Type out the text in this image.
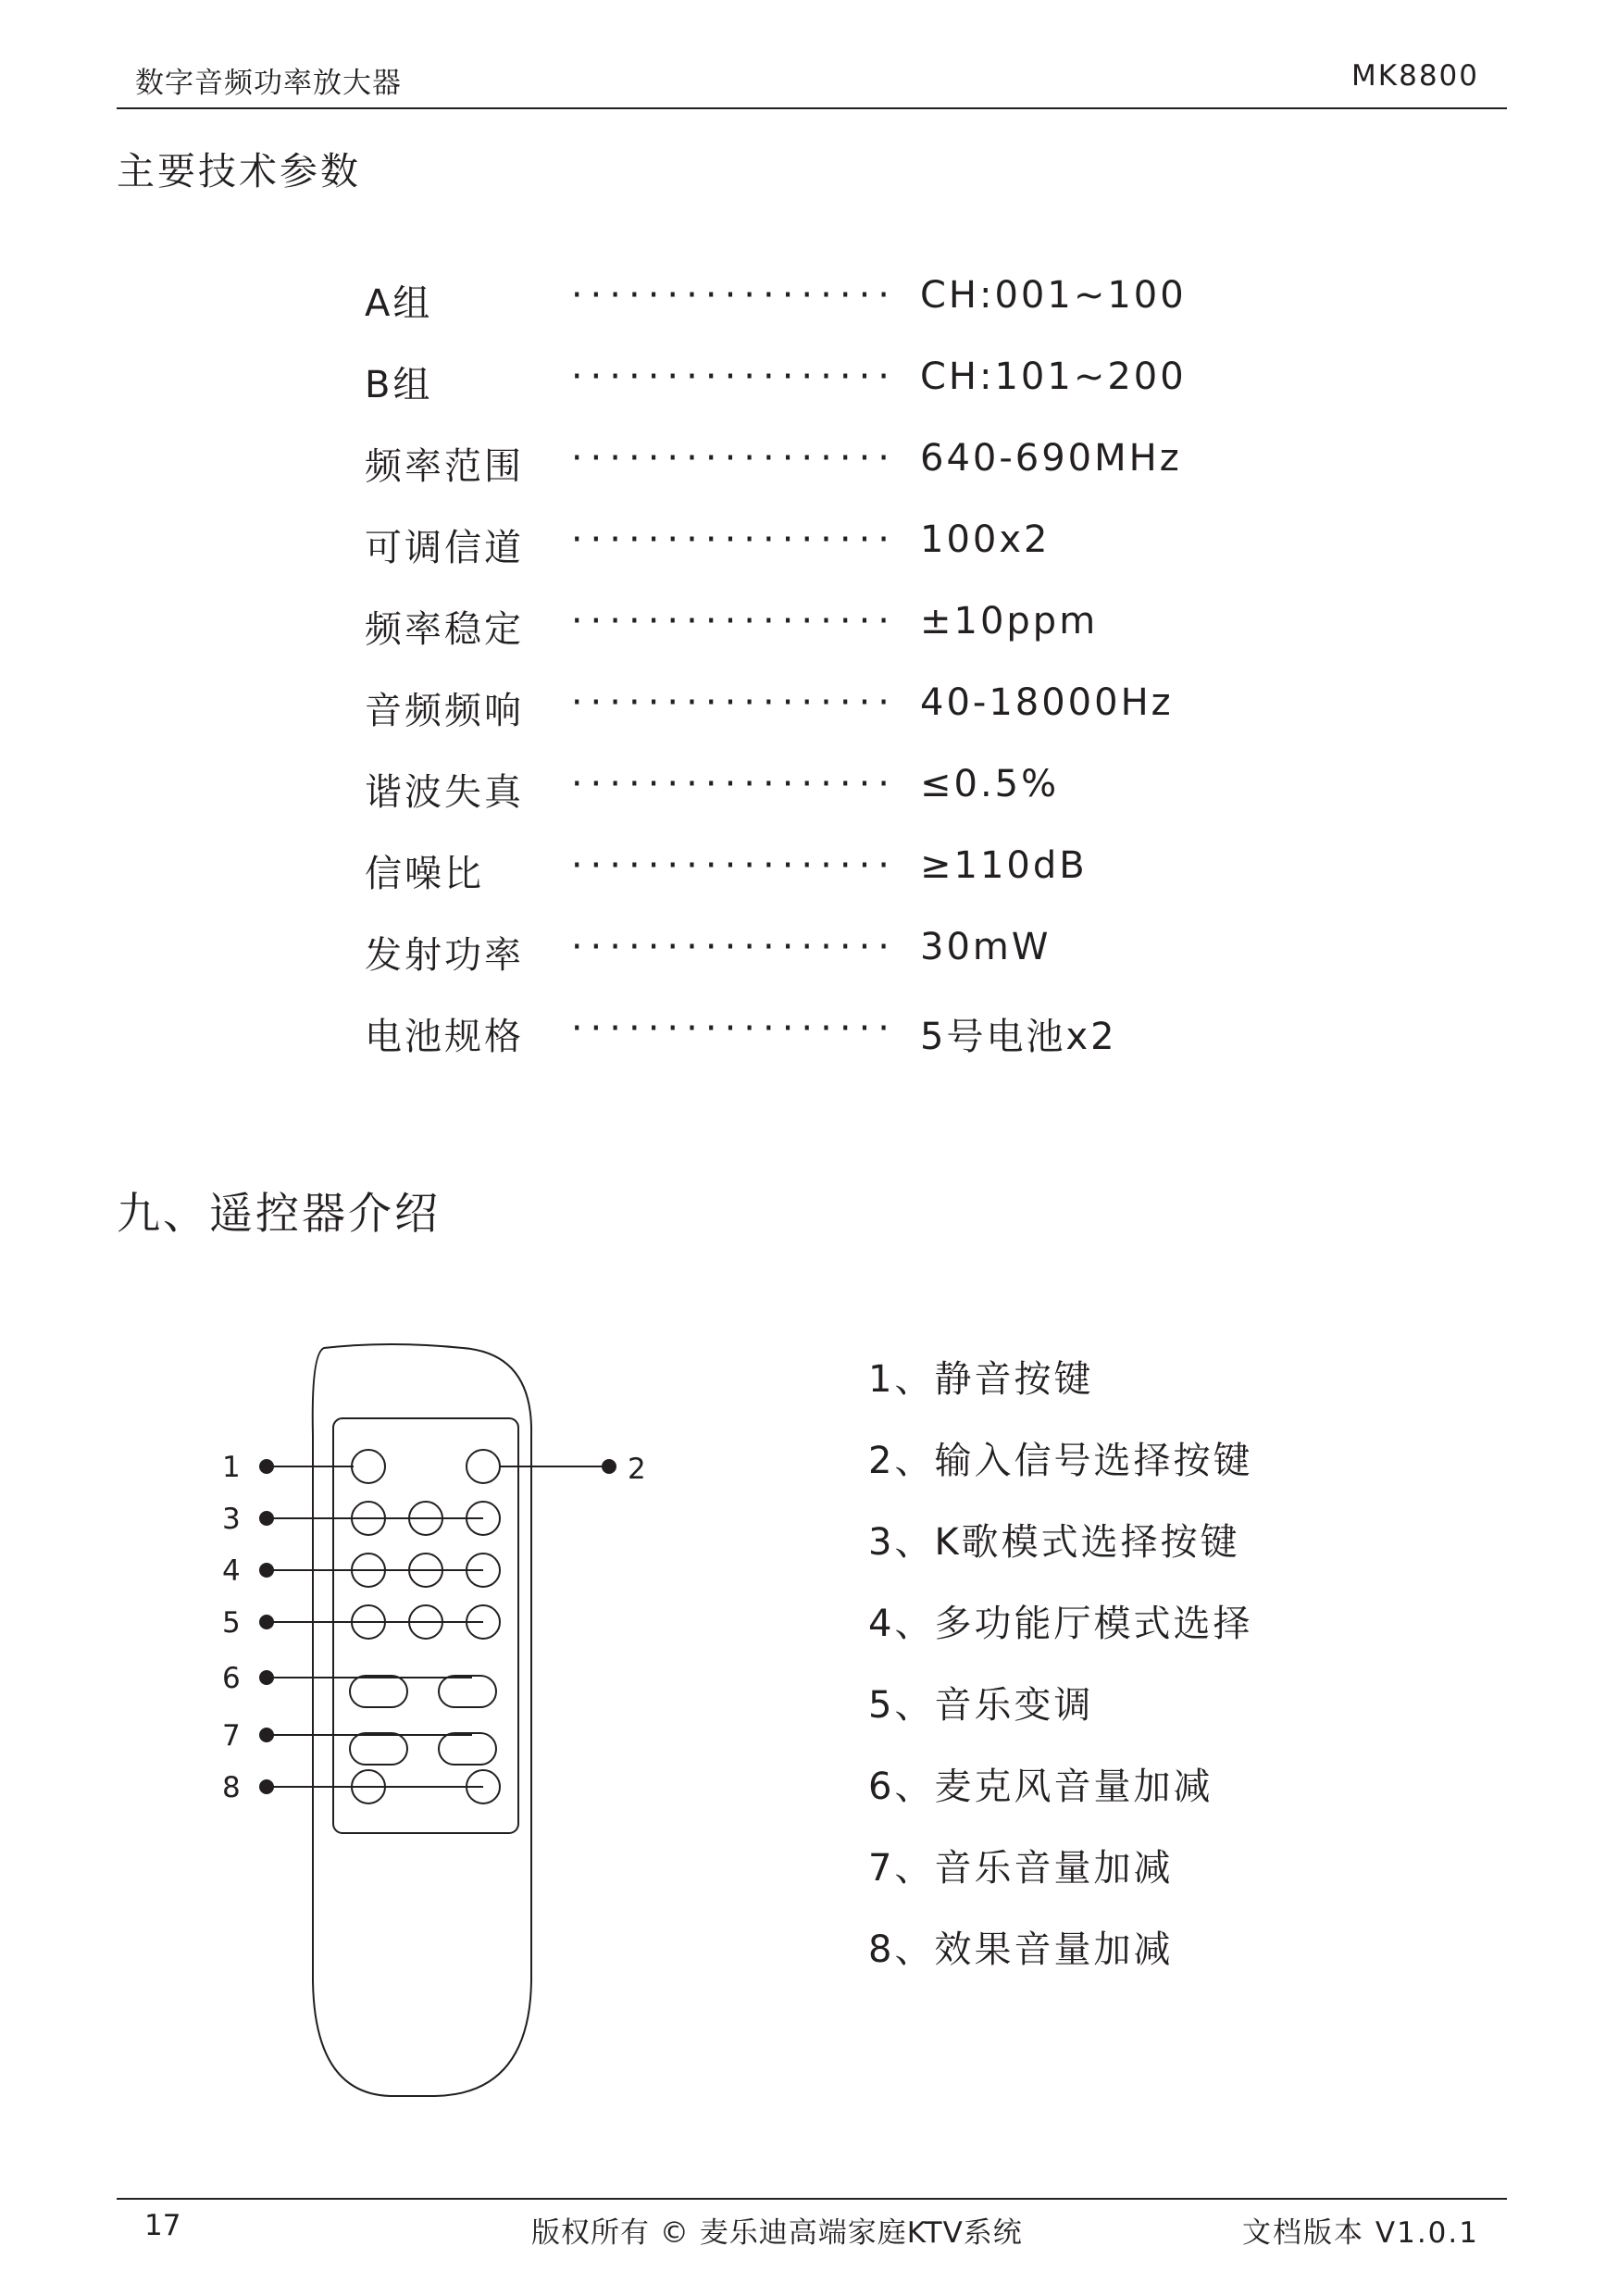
数字音频功率放大器	MK8800
主要技术参数
·················
A组	CH:001~100
·················
B组	CH:101~200
·················
频率范围	640-690MHz
·················
可调信道	100x2
·················
频率稳定	±10ppm
·················
音频频响	40-18000Hz
·················
谐波失真	≤0.5%
·················
信噪比	≥110dB
·················
发射功率	30mW
·················
电池规格	5号电池x2
九、遥控器介绍
1	2
3
4
5
6
7
8
1、静音按键
2、输入信号选择按键
3、K歌模式选择按键
4、多功能厅模式选择
5、音乐变调
6、麦克风音量加减
7、音乐音量加减
8、效果音量加减
17	版权所有 © 麦乐迪高端家庭KTV系统	文档版本 V1.0.1
